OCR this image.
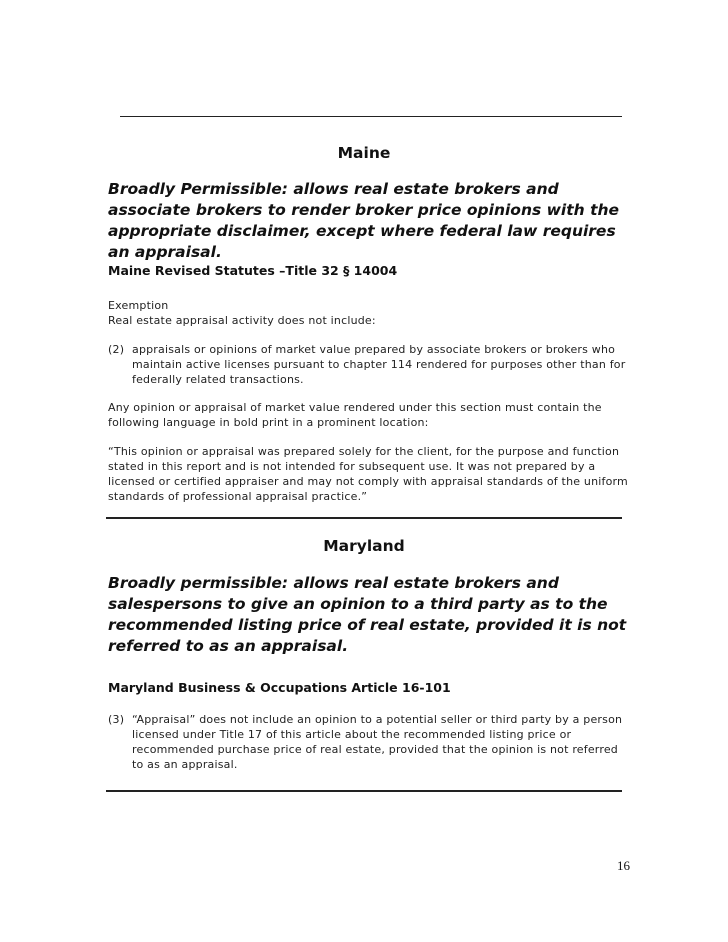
Maine

Broadly Permissible: allows real estate brokers and associate brokers to render broker price opinions with the appropriate disclaimer, except where federal law requires an appraisal.

Maine Revised Statutes –Title 32 § 14004

Exemption

Real estate appraisal activity does not include:

(2) appraisals or opinions of market value prepared by associate brokers or brokers who maintain active licenses pursuant to chapter 114 rendered for purposes other than for federally related transactions.

Any opinion or appraisal of market value rendered under this section must contain the following language in bold print in a prominent location:

“This opinion or appraisal was prepared solely for the client, for the purpose and function stated in this report and is not intended for subsequent use. It was not prepared by a licensed or certified appraiser and may not comply with appraisal standards of the uniform standards of professional appraisal practice.”

Maryland

Broadly permissible: allows real estate brokers and salespersons to give an opinion to a third party as to the recommended listing price of real estate, provided it is not referred to as an appraisal.

Maryland Business & Occupations Article 16-101

(3) “Appraisal” does not include an opinion to a potential seller or third party by a person licensed under Title 17 of this article about the recommended listing price or recommended purchase price of real estate, provided that the opinion is not referred to as an appraisal.
16
